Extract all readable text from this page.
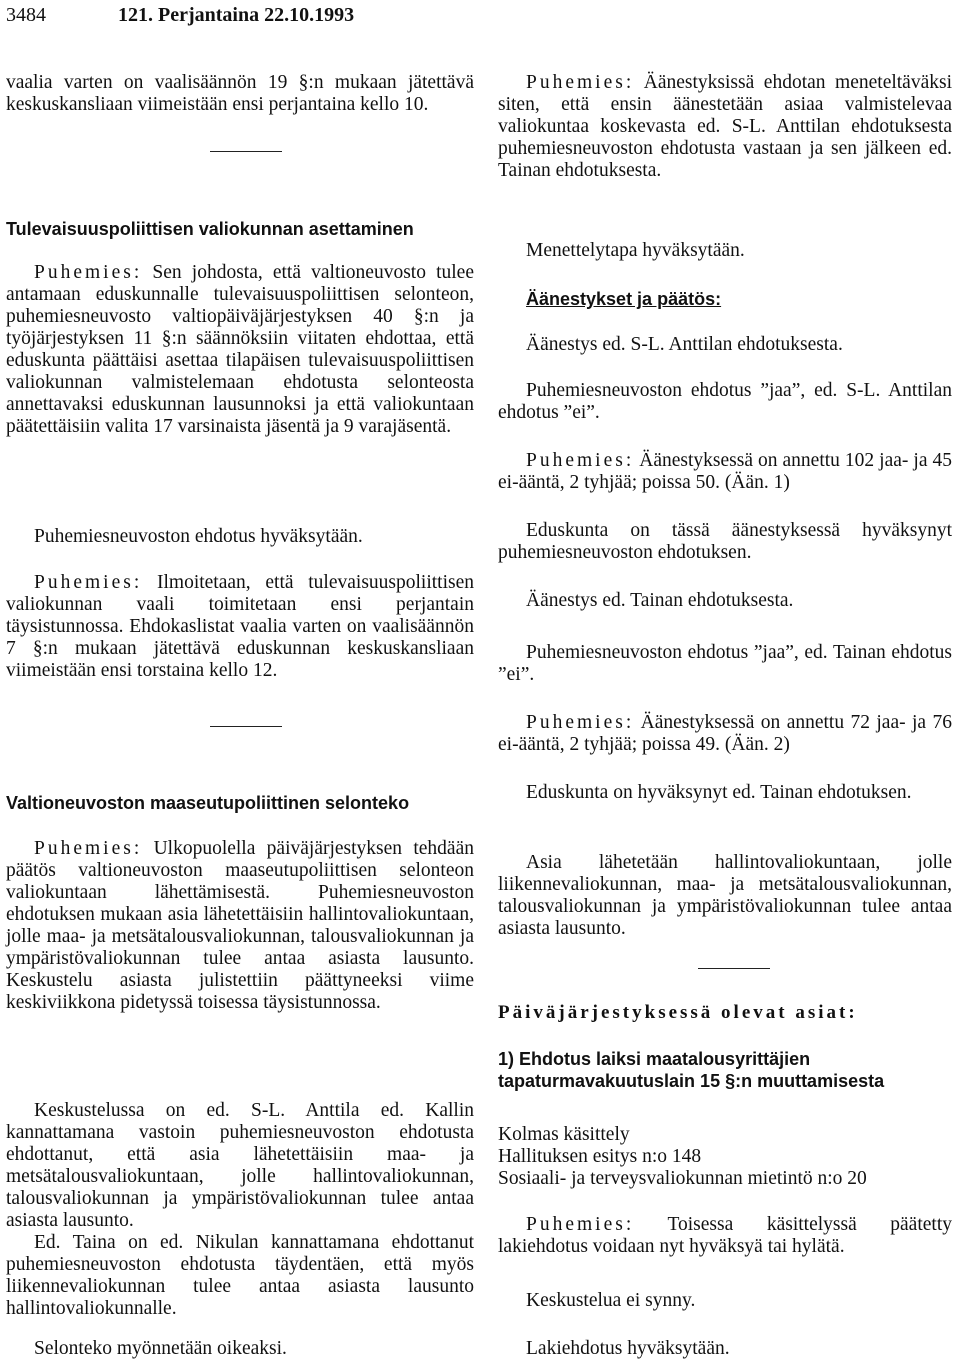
3484	121. Perjantaina 22.10.1993

vaalia varten on vaalisäännön 19 §:n mukaan jätettävä keskuskansliaan viimeistään ensi perjantaina kello 10.

Tulevaisuuspoliittisen valiokunnan asettaminen

Puhemies: Sen johdosta, että valtioneuvosto tulee antamaan eduskunnalle tulevaisuuspoliittisen selonteon, puhemiesneuvosto valtiopäiväjärjestyksen 40 §:n ja työjärjestyksen 11 §:n säännöksiin viitaten ehdottaa, että eduskunta päättäisi asettaa tilapäisen tulevaisuuspoliittisen valiokunnan valmistelemaan ehdotusta selonteosta annettavaksi eduskunnan lausunnoksi ja että valiokuntaan päätettäisiin valita 17 varsinaista jäsentä ja 9 varajäsentä.

Puhemiesneuvoston ehdotus hyväksytään.

Puhemies: Ilmoitetaan, että tulevaisuuspoliittisen valiokunnan vaali toimitetaan ensi perjantain täysistunnossa. Ehdokaslistat vaalia varten on vaalisäännön 7 §:n mukaan jätettävä eduskunnan keskuskansliaan viimeistään ensi torstaina kello 12.

Valtioneuvoston maaseutupoliittinen selonteko

Puhemies: Ulkopuolella päiväjärjestyksen tehdään päätös valtioneuvoston maaseutupoliittisen selonteon valiokuntaan lähettämisestä. Puhemiesneuvoston ehdotuksen mukaan asia lähetettäisiin hallintovaliokuntaan, jolle maa- ja metsätalousvaliokunnan, talousvaliokunnan ja ympäristövaliokunnan tulee antaa asiasta lausunto. Keskustelu asiasta julistettiin päättyneeksi viime keskiviikkona pidetyssä toisessa täysistunnossa.

Keskustelussa on ed. S-L. Anttila ed. Kallin kannattamana vastoin puhemiesneuvoston ehdotusta ehdottanut, että asia lähetettäisiin maa- ja metsätalousvaliokuntaan, jolle hallintovaliokunnan, talousvaliokunnan ja ympäristövaliokunnan tulee antaa asiasta lausunto.

Ed. Taina on ed. Nikulan kannattamana ehdottanut puhemiesneuvoston ehdotusta täydentäen, että myös liikennevaliokunnan tulee antaa asiasta lausunto hallintovaliokunnalle.

Selonteko myönnetään oikeaksi.

Puhemies: Äänestyksissä ehdotan meneteltäväksi siten, että ensin äänestetään asiaa valmistelevaa valiokuntaa koskevasta ed. S-L. Anttilan ehdotuksesta puhemiesneuvoston ehdotusta vastaan ja sen jälkeen ed. Tainan ehdotuksesta.

Menettelytapa hyväksytään.

Äänestykset ja päätös:

Äänestys ed. S-L. Anttilan ehdotuksesta.

Puhemiesneuvoston ehdotus ”jaa”, ed. S-L. Anttilan ehdotus ”ei”.

Puhemies: Äänestyksessä on annettu 102 jaa- ja 45 ei-ääntä, 2 tyhjää; poissa 50. (Ään. 1)

Eduskunta on tässä äänestyksessä hyväksynyt puhemiesneuvoston ehdotuksen.

Äänestys ed. Tainan ehdotuksesta.

Puhemiesneuvoston ehdotus ”jaa”, ed. Tainan ehdotus ”ei”.

Puhemies: Äänestyksessä on annettu 72 jaa- ja 76 ei-ääntä, 2 tyhjää; poissa 49. (Ään. 2)

Eduskunta on hyväksynyt ed. Tainan ehdotuksen.

Asia lähetetään hallintovaliokuntaan, jolle liikennevaliokunnan, maa- ja metsätalousvaliokunnan, talousvaliokunnan ja ympäristövaliokunnan tulee antaa asiasta lausunto.

Päiväjärjestyksessä olevat asiat:
1) Ehdotus laiksi maatalousyrittäjien tapaturmavakuutuslain 15 §:n muuttamisesta

Kolmas käsittely

Hallituksen esitys n:o 148

Sosiaali- ja terveysvaliokunnan mietintö n:o 20

Puhemies: Toisessa käsittelyssä päätetty lakiehdotus voidaan nyt hyväksyä tai hylätä.

Keskustelua ei synny.

Lakiehdotus hyväksytään.
